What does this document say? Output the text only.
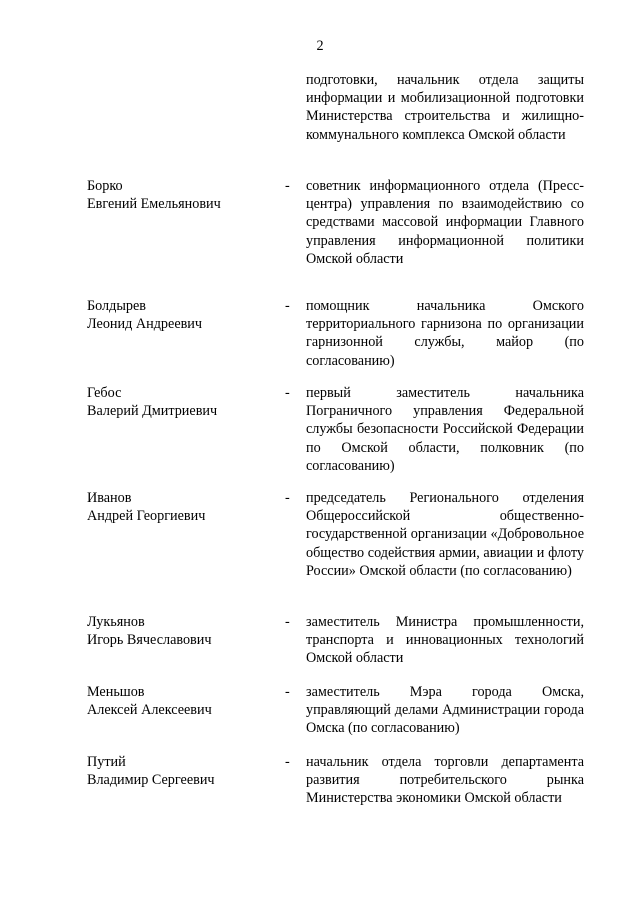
2
подготовки, начальник отдела защиты информации и мобилизационной подготовки Министерства строительства и жилищно-коммунального комплекса Омской области
Борко
Евгений Емельянович
- советник информационного отдела (Пресс-центра) управления по взаимодействию со средствами массовой информации Главного управления информационной политики Омской области
Болдырев
Леонид Андреевич
- помощник начальника Омского территориального гарнизона по организации гарнизонной службы, майор (по согласованию)
Гебос
Валерий Дмитриевич
- первый заместитель начальника Пограничного управления Федеральной службы безопасности Российской Федерации по Омской области, полковник (по согласованию)
Иванов
Андрей Георгиевич
- председатель Регионального отделения Общероссийской общественно-государственной организации «Добровольное общество содействия армии, авиации и флоту России» Омской области (по согласованию)
Лукьянов
Игорь Вячеславович
- заместитель Министра промышленности, транспорта и инновационных технологий Омской области
Меньшов
Алексей Алексеевич
- заместитель Мэра города Омска, управляющий делами Администрации города Омска (по согласованию)
Путий
Владимир Сергеевич
- начальник отдела торговли департамента развития потребительского рынка Министерства экономики Омской области
